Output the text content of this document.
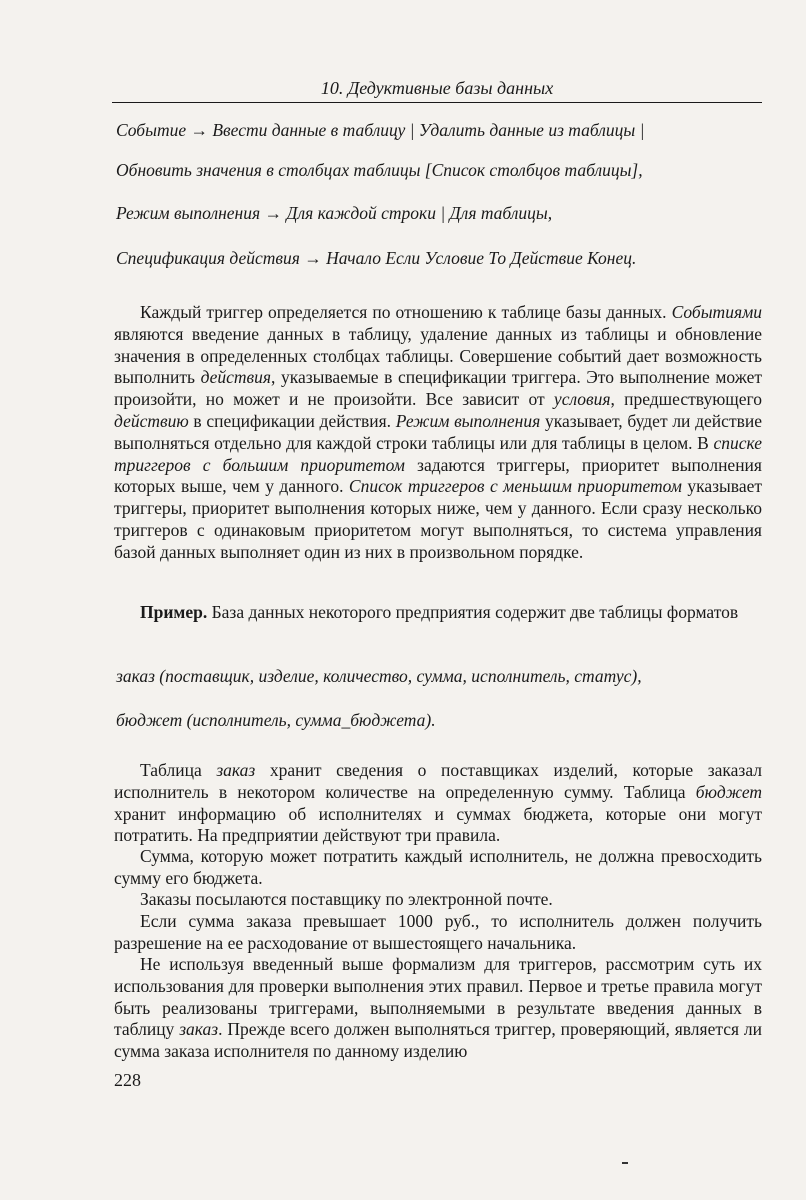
10. Дедуктивные базы данных
Событие → Ввести данные в таблицу | Удалить данные из таблицы |
Обновить значения в столбцах таблицы [Список столбцов таблицы],
Режим выполнения → Для каждой строки | Для таблицы,
Спецификация действия → Начало Если Условие То Действие Конец.
Каждый триггер определяется по отношению к таблице базы данных. Событиями являются введение данных в таблицу, удаление данных из таблицы и обновление значения в определенных столбцах таблицы. Совершение событий дает возможность выполнить действия, указываемые в спецификации триггера. Это выполнение может произойти, но может и не произойти. Все зависит от условия, предшествующего действию в спецификации действия. Режим выполнения указывает, будет ли действие выполняться отдельно для каждой строки таблицы или для таблицы в целом. В списке триггеров с большим приоритетом задаются триггеры, приоритет выполнения которых выше, чем у данного. Список триггеров с меньшим приоритетом указывает триггеры, приоритет выполнения которых ниже, чем у данного. Если сразу несколько триггеров с одинаковым приоритетом могут выполняться, то система управления базой данных выполняет один из них в произвольном порядке.
Пример. База данных некоторого предприятия содержит две таблицы форматов
заказ (поставщик, изделие, количество, сумма, исполнитель, статус),
бюджет (исполнитель, сумма_бюджета).
Таблица заказ хранит сведения о поставщиках изделий, которые заказал исполнитель в некотором количестве на определенную сумму. Таблица бюджет хранит информацию об исполнителях и суммах бюджета, которые они могут потратить. На предприятии действуют три правила.
Сумма, которую может потратить каждый исполнитель, не должна превосходить сумму его бюджета.
Заказы посылаются поставщику по электронной почте.
Если сумма заказа превышает 1000 руб., то исполнитель должен получить разрешение на ее расходование от вышестоящего начальника.
Не используя введенный выше формализм для триггеров, рассмотрим суть их использования для проверки выполнения этих правил. Первое и третье правила могут быть реализованы триггерами, выполняемыми в результате введения данных в таблицу заказ. Прежде всего должен выполняться триггер, проверяющий, является ли сумма заказа исполнителя по данному изделию
228
